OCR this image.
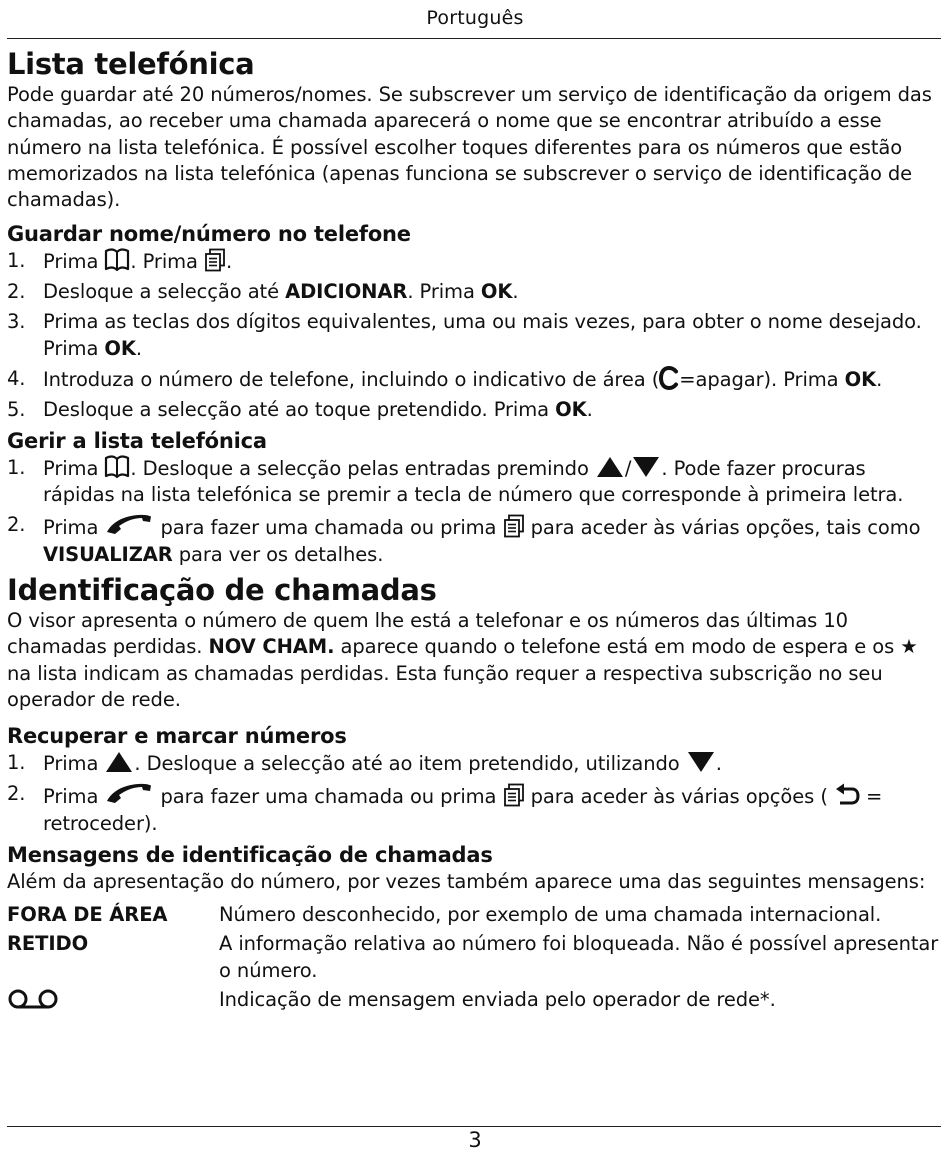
Português
Lista telefónica

Pode guardar até 20 números/nomes. Se subscrever um serviço de identificação da origem das chamadas, ao receber uma chamada aparecerá o nome que se encontrar atribuído a esse número na lista telefónica. É possível escolher toques diferentes para os números que estão memorizados na lista telefónica (apenas funciona se subscrever o serviço de identificação de chamadas).

Guardar nome/número no telefone
1. Prima
. Prima
.
2. Desloque a selecção até ADICIONAR. Prima OK.
3. Prima as teclas dos dígitos equivalentes, uma ou mais vezes, para obter o nome desejado. Prima OK.
4. Introduza o número de telefone, incluindo o indicativo de área ( =apagar). Prima OK.
5. Desloque a selecção até ao toque pretendido. Prima OK.
Gerir a lista telefónica
1. Prima
. Desloque a selecção pelas entradas premindo
/ . Pode fazer procuras rápidas na lista telefónica se premir a tecla de número que corresponde à primeira letra.
2. Prima	para fazer uma chamada ou prima
para aceder às várias opções, tais como VISUALIZAR para ver os detalhes.
Identificação de chamadas

O visor apresenta o número de quem lhe está a telefonar e os números das últimas 10 chamadas perdidas. NOV CHAM. aparece quando o telefone está em modo de espera e os ★ na lista indicam as chamadas perdidas. Esta função requer a respectiva subscrição no seu operador de rede.

Recuperar e marcar números
1. Prima
. Desloque a selecção até ao item pretendido, utilizando
.
2. Prima	para fazer uma chamada ou prima
para aceder às várias opções (
= retroceder).
Mensagens de identificação de chamadas

Além da apresentação do número, por vezes também aparece uma das seguintes mensagens:

FORA DE ÁREA	Número desconhecido, por exemplo de uma chamada internacional.
RETIDO	A informação relativa ao número foi bloqueada. Não é possível apresentar o número.
Indicação de mensagem enviada pelo operador de rede*.
3
